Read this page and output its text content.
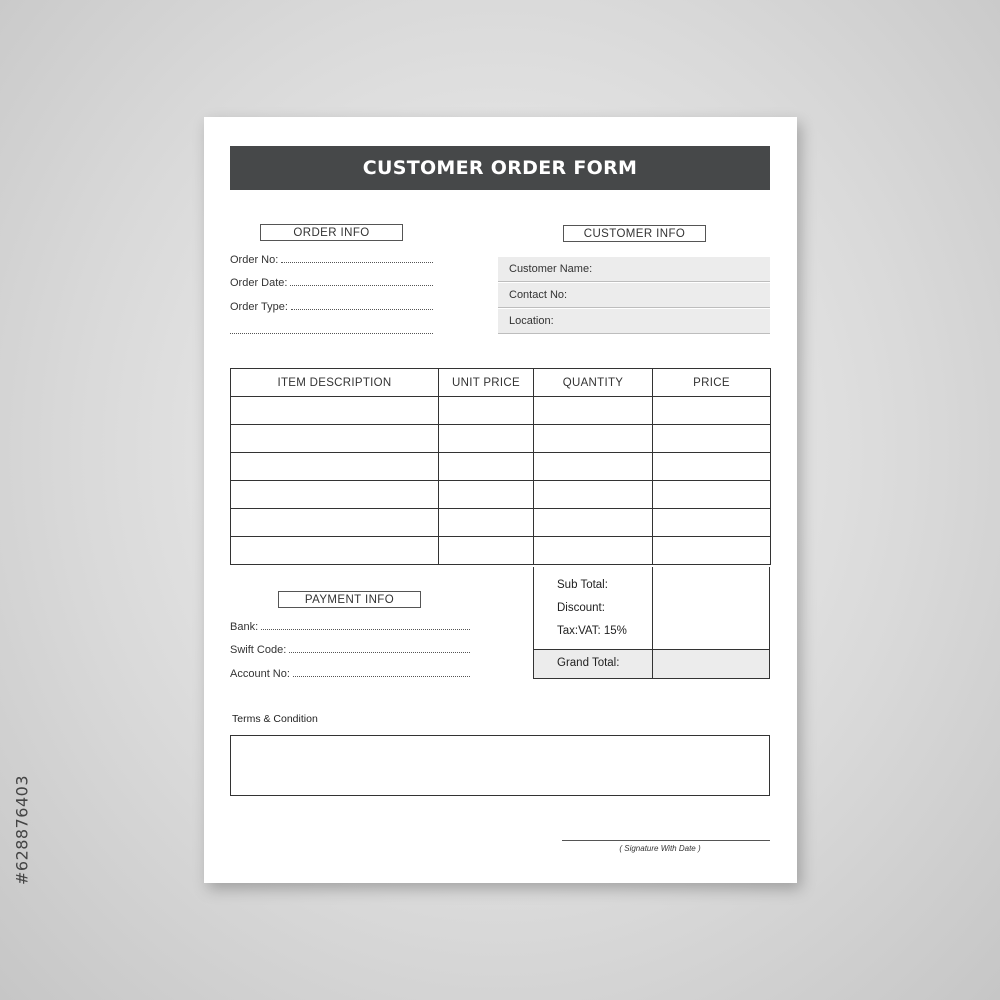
#628876403
CUSTOMER ORDER FORM
ORDER INFO
Order No:
Order Date:
Order Type:
CUSTOMER INFO
Customer Name:
Contact No:
Location:
ITEM DESCRIPTION	UNIT PRICE	QUANTITY	PRICE

Sub Total:
Discount:
Tax:VAT: 15%
Grand Total:
PAYMENT INFO
Bank:
Swift Code:
Account No:
Terms & Condition
( Signature With Date )
